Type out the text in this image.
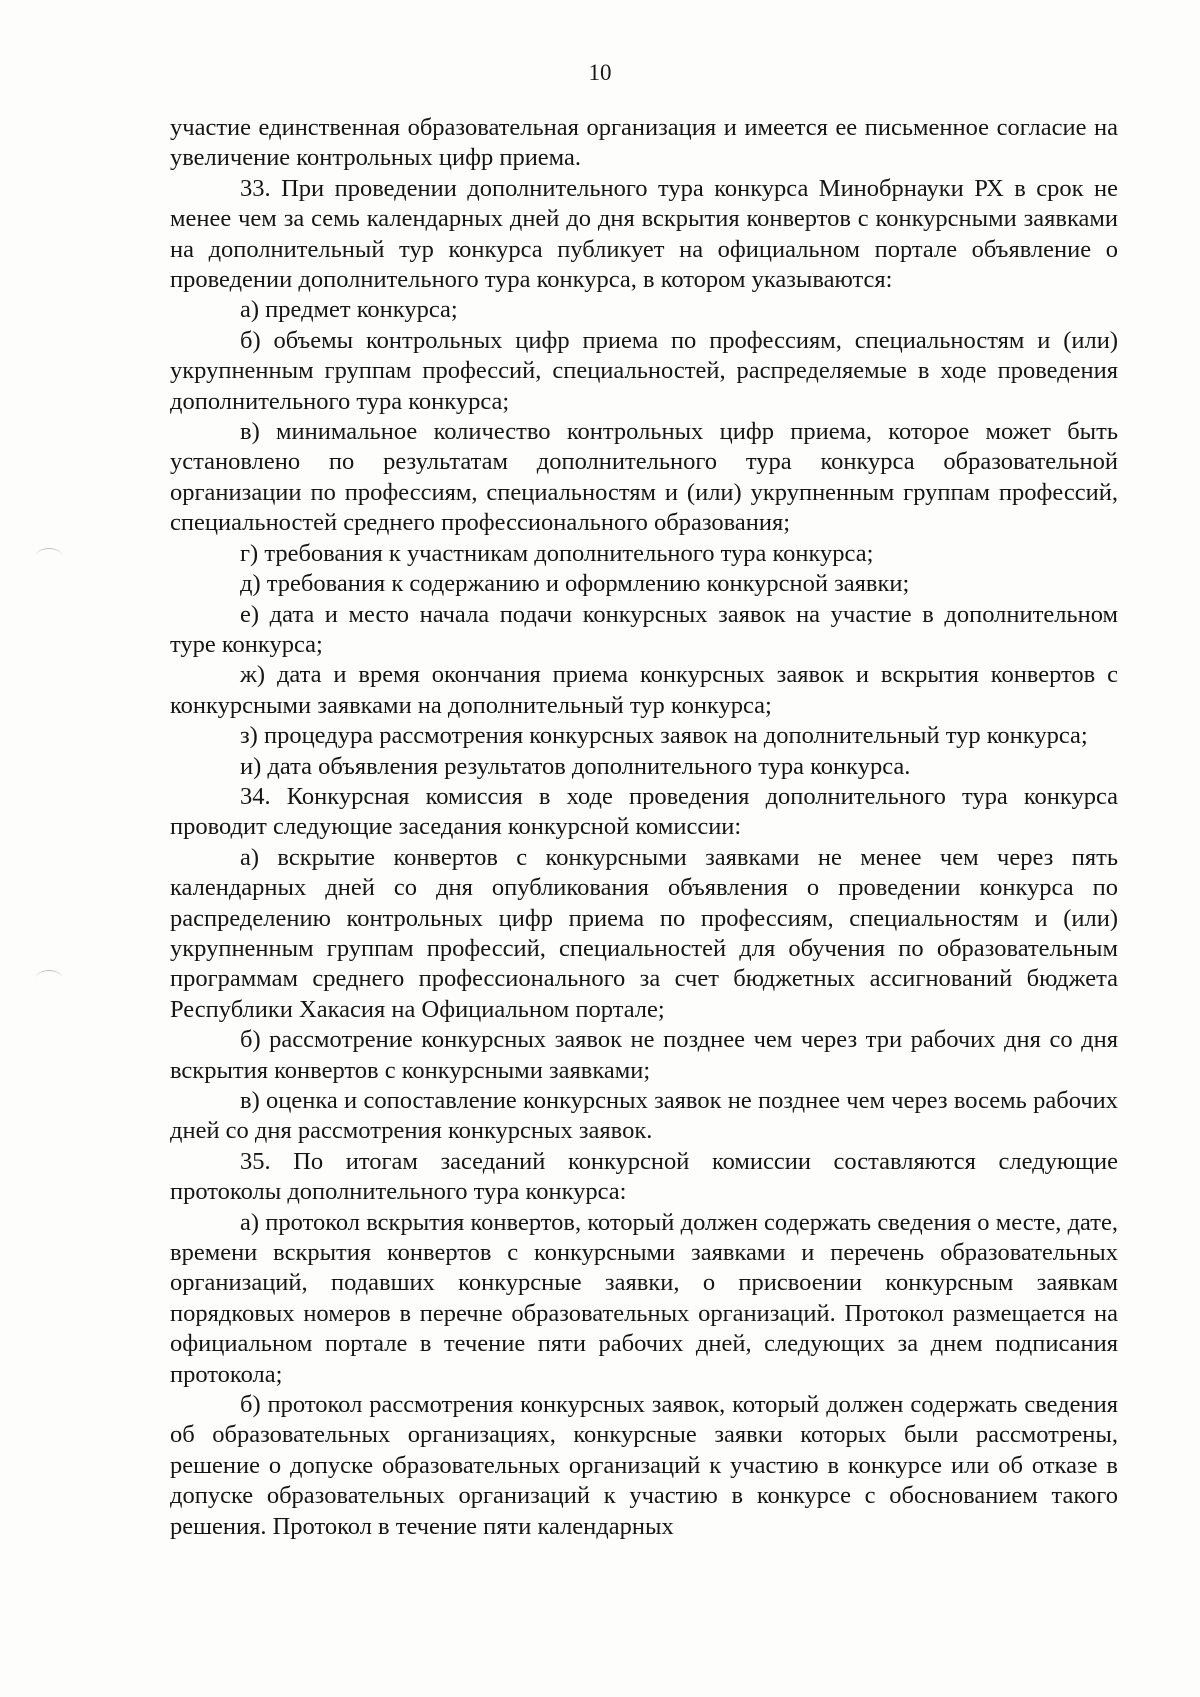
10

участие единственная образовательная организация и имеется ее письменное согласие на увеличение контрольных цифр приема.

33. При проведении дополнительного тура конкурса Минобрнауки РХ в срок не менее чем за семь календарных дней до дня вскрытия конвертов с конкурсными заявками на дополнительный тур конкурса публикует на официальном портале объявление о проведении дополнительного тура конкурса, в котором указываются:

а) предмет конкурса;

б) объемы контрольных цифр приема по профессиям, специальностям и (или) укрупненным группам профессий, специальностей, распределяемые в ходе проведения дополнительного тура конкурса;

в) минимальное количество контрольных цифр приема, которое может быть установлено по результатам дополнительного тура конкурса образовательной организации по профессиям, специальностям и (или) укрупненным группам профессий, специальностей среднего профессионального образования;

г) требования к участникам дополнительного тура конкурса;

д) требования к содержанию и оформлению конкурсной заявки;

е) дата и место начала подачи конкурсных заявок на участие в дополнительном туре конкурса;

ж) дата и время окончания приема конкурсных заявок и вскрытия конвертов с конкурсными заявками на дополнительный тур конкурса;

з) процедура рассмотрения конкурсных заявок на дополнительный тур конкурса;

и) дата объявления результатов дополнительного тура конкурса.

34. Конкурсная комиссия в ходе проведения дополнительного тура конкурса проводит следующие заседания конкурсной комиссии:

а) вскрытие конвертов с конкурсными заявками не менее чем через пять календарных дней со дня опубликования объявления о проведении конкурса по распределению контрольных цифр приема по профессиям, специальностям и (или) укрупненным группам профессий, специальностей для обучения по образовательным программам среднего профессионального за счет бюджетных ассигнований бюджета Республики Хакасия на Официальном портале;

б) рассмотрение конкурсных заявок не позднее чем через три рабочих дня со дня вскрытия конвертов с конкурсными заявками;

в) оценка и сопоставление конкурсных заявок не позднее чем через восемь рабочих дней со дня рассмотрения конкурсных заявок.

35. По итогам заседаний конкурсной комиссии составляются следующие протоколы дополнительного тура конкурса:

а) протокол вскрытия конвертов, который должен содержать сведения о месте, дате, времени вскрытия конвертов с конкурсными заявками и перечень образовательных организаций, подавших конкурсные заявки, о присвоении конкурсным заявкам порядковых номеров в перечне образовательных организаций. Протокол размещается на официальном портале в течение пяти рабочих дней, следующих за днем подписания протокола;

б) протокол рассмотрения конкурсных заявок, который должен содержать сведения об образовательных организациях, конкурсные заявки которых были рассмотрены, решение о допуске образовательных организаций к участию в конкурсе или об отказе в допуске образовательных организаций к участию в конкурсе с обоснованием такого решения. Протокол в течение пяти календарных
